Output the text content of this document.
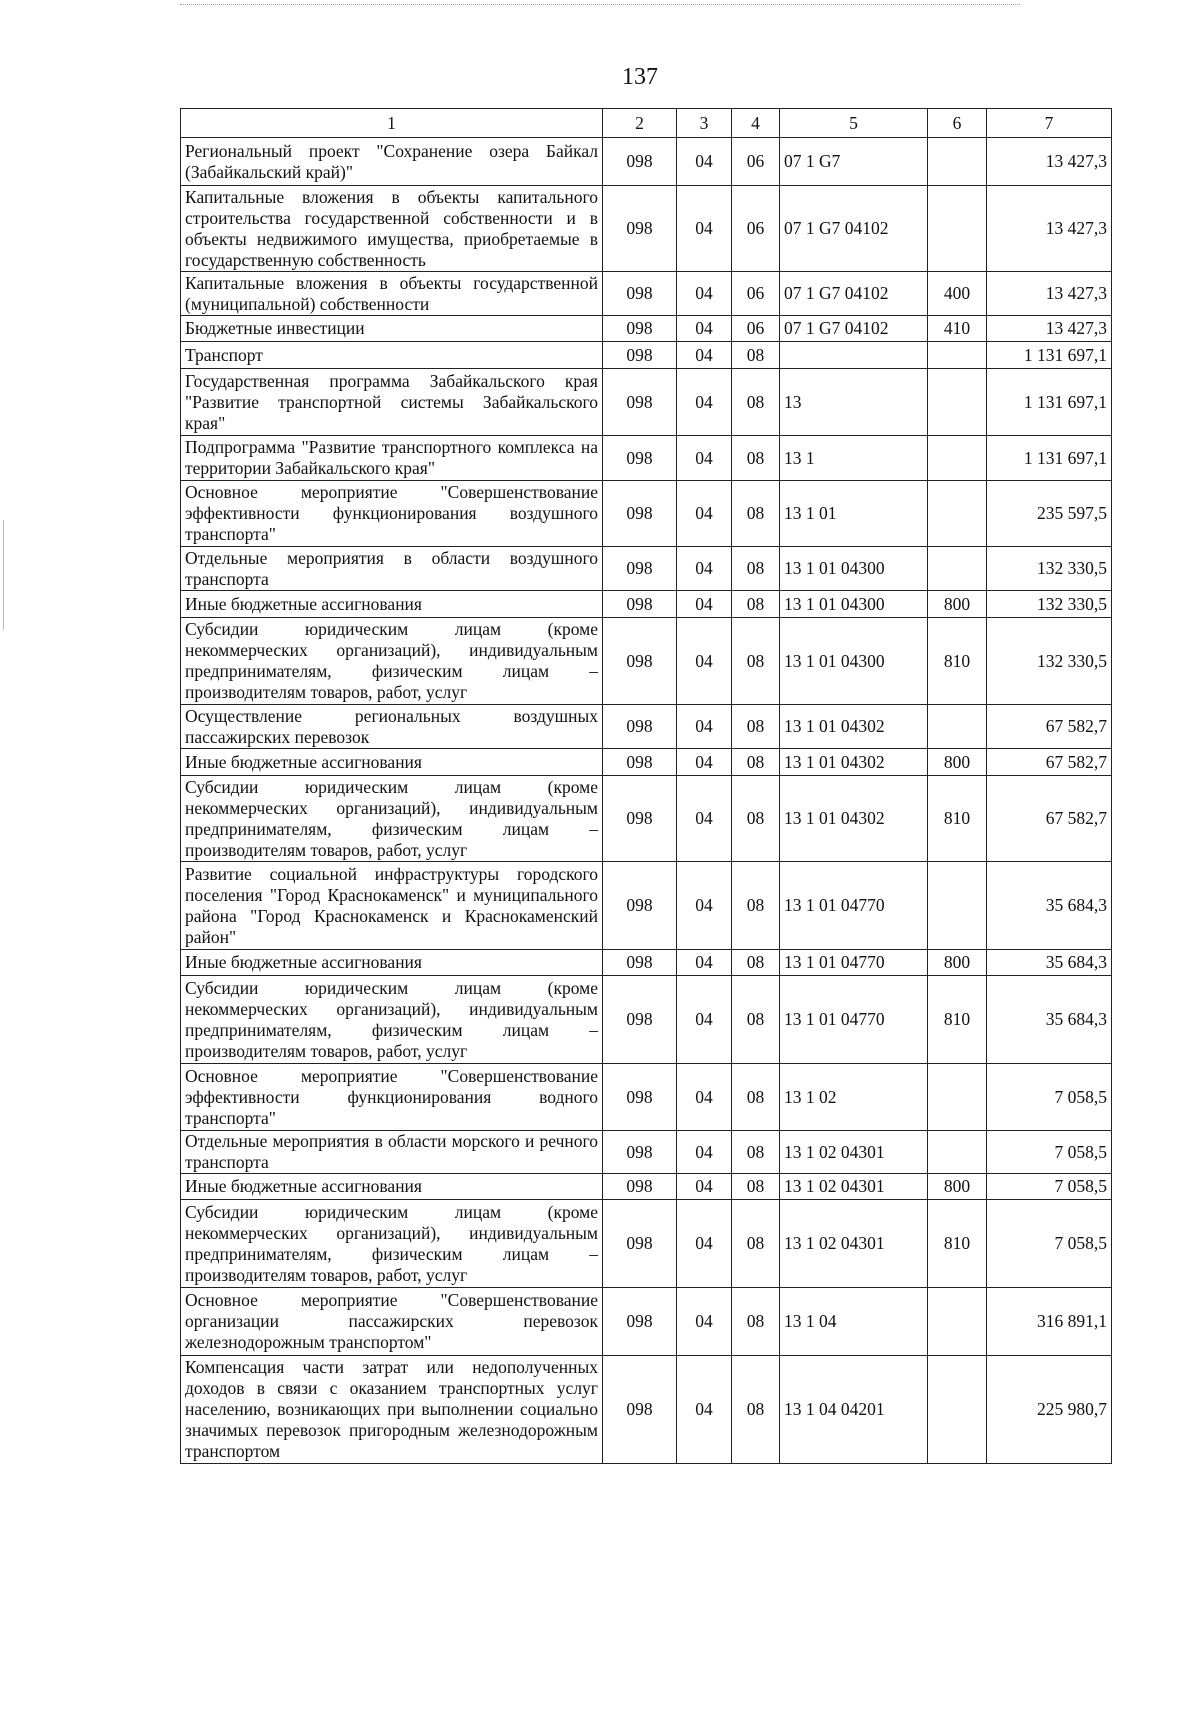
137
1	2	3	4	5	6	7
Региональный проект "Сохранение озера Байкал (Забайкальский край)"	098	04	06	07 1 G7		13 427,3
Капитальные вложения в объекты капитального строительства государственной собственности и в объекты недвижимого имущества, приобретаемые в государственную собственность	098	04	06	07 1 G7 04102		13 427,3
Капитальные вложения в объекты государственной (муниципальной) собственности	098	04	06	07 1 G7 04102	400	13 427,3
Бюджетные инвестиции	098	04	06	07 1 G7 04102	410	13 427,3
Транспорт	098	04	08			1 131 697,1
Государственная программа Забайкальского края "Развитие транспортной системы Забайкальского края"	098	04	08	13		1 131 697,1
Подпрограмма "Развитие транспортного комплекса на территории Забайкальского края"	098	04	08	13 1		1 131 697,1
Основное мероприятие "Совершенствование эффективности функционирования воздушного транспорта"	098	04	08	13 1 01		235 597,5
Отдельные мероприятия в области воздушного транспорта	098	04	08	13 1 01 04300		132 330,5
Иные бюджетные ассигнования	098	04	08	13 1 01 04300	800	132 330,5
Субсидии юридическим лицам (кроме некоммерческих организаций), индивидуальным предпринимателям, физическим лицам – производителям товаров, работ, услуг	098	04	08	13 1 01 04300	810	132 330,5
Осуществление региональных воздушных пассажирских перевозок	098	04	08	13 1 01 04302		67 582,7
Иные бюджетные ассигнования	098	04	08	13 1 01 04302	800	67 582,7
Субсидии юридическим лицам (кроме некоммерческих организаций), индивидуальным предпринимателям, физическим лицам – производителям товаров, работ, услуг	098	04	08	13 1 01 04302	810	67 582,7
Развитие социальной инфраструктуры городского поселения "Город Краснокаменск" и муниципального района "Город Краснокаменск и Краснокаменский район"	098	04	08	13 1 01 04770		35 684,3
Иные бюджетные ассигнования	098	04	08	13 1 01 04770	800	35 684,3
Субсидии юридическим лицам (кроме некоммерческих организаций), индивидуальным предпринимателям, физическим лицам – производителям товаров, работ, услуг	098	04	08	13 1 01 04770	810	35 684,3
Основное мероприятие "Совершенствование эффективности функционирования водного транспорта"	098	04	08	13 1 02		7 058,5
Отдельные мероприятия в области морского и речного транспорта	098	04	08	13 1 02 04301		7 058,5
Иные бюджетные ассигнования	098	04	08	13 1 02 04301	800	7 058,5
Субсидии юридическим лицам (кроме некоммерческих организаций), индивидуальным предпринимателям, физическим лицам – производителям товаров, работ, услуг	098	04	08	13 1 02 04301	810	7 058,5
Основное мероприятие "Совершенствование организации пассажирских перевозок железнодорожным транспортом"	098	04	08	13 1 04		316 891,1
Компенсация части затрат или недополученных доходов в связи с оказанием транспортных услуг населению, возникающих при выполнении социально значимых перевозок пригородным железнодорожным транспортом	098	04	08	13 1 04 04201		225 980,7
